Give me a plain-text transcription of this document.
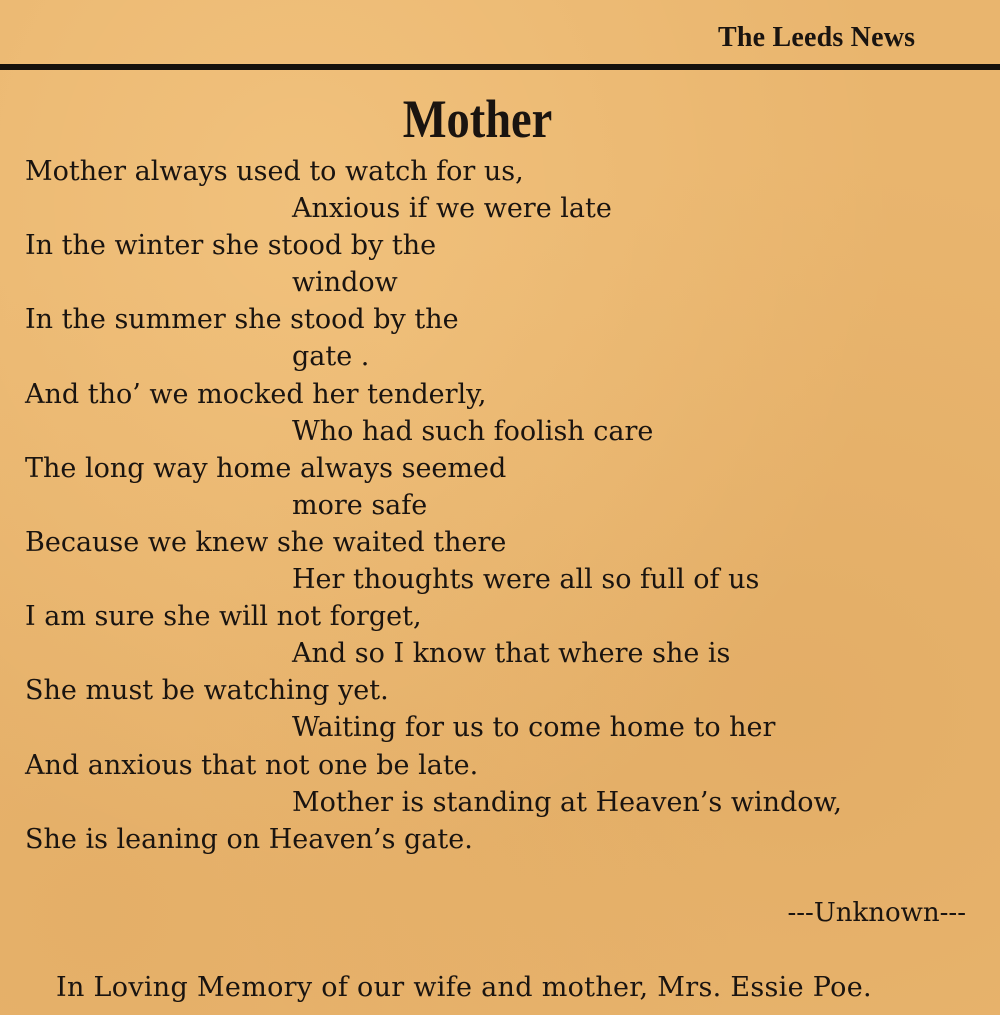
The Leeds News
Mother
Mother always used to watch for us,
Anxious if we were late
In the winter she stood by the
window
In the summer she stood by the
gate .
And tho’ we mocked her tenderly,
Who had such foolish care
The long way home always seemed
more safe
Because we knew she waited there
Her thoughts were all so full of us
I am sure she will not forget,
And so I know that where she is
She must be watching yet.
Waiting for us to come home to her
And anxious that not one be late.
Mother is standing at Heaven’s window,
She is leaning on Heaven’s gate.
---Unknown---
In Loving Memory of our wife and mother, Mrs. Essie Poe.
